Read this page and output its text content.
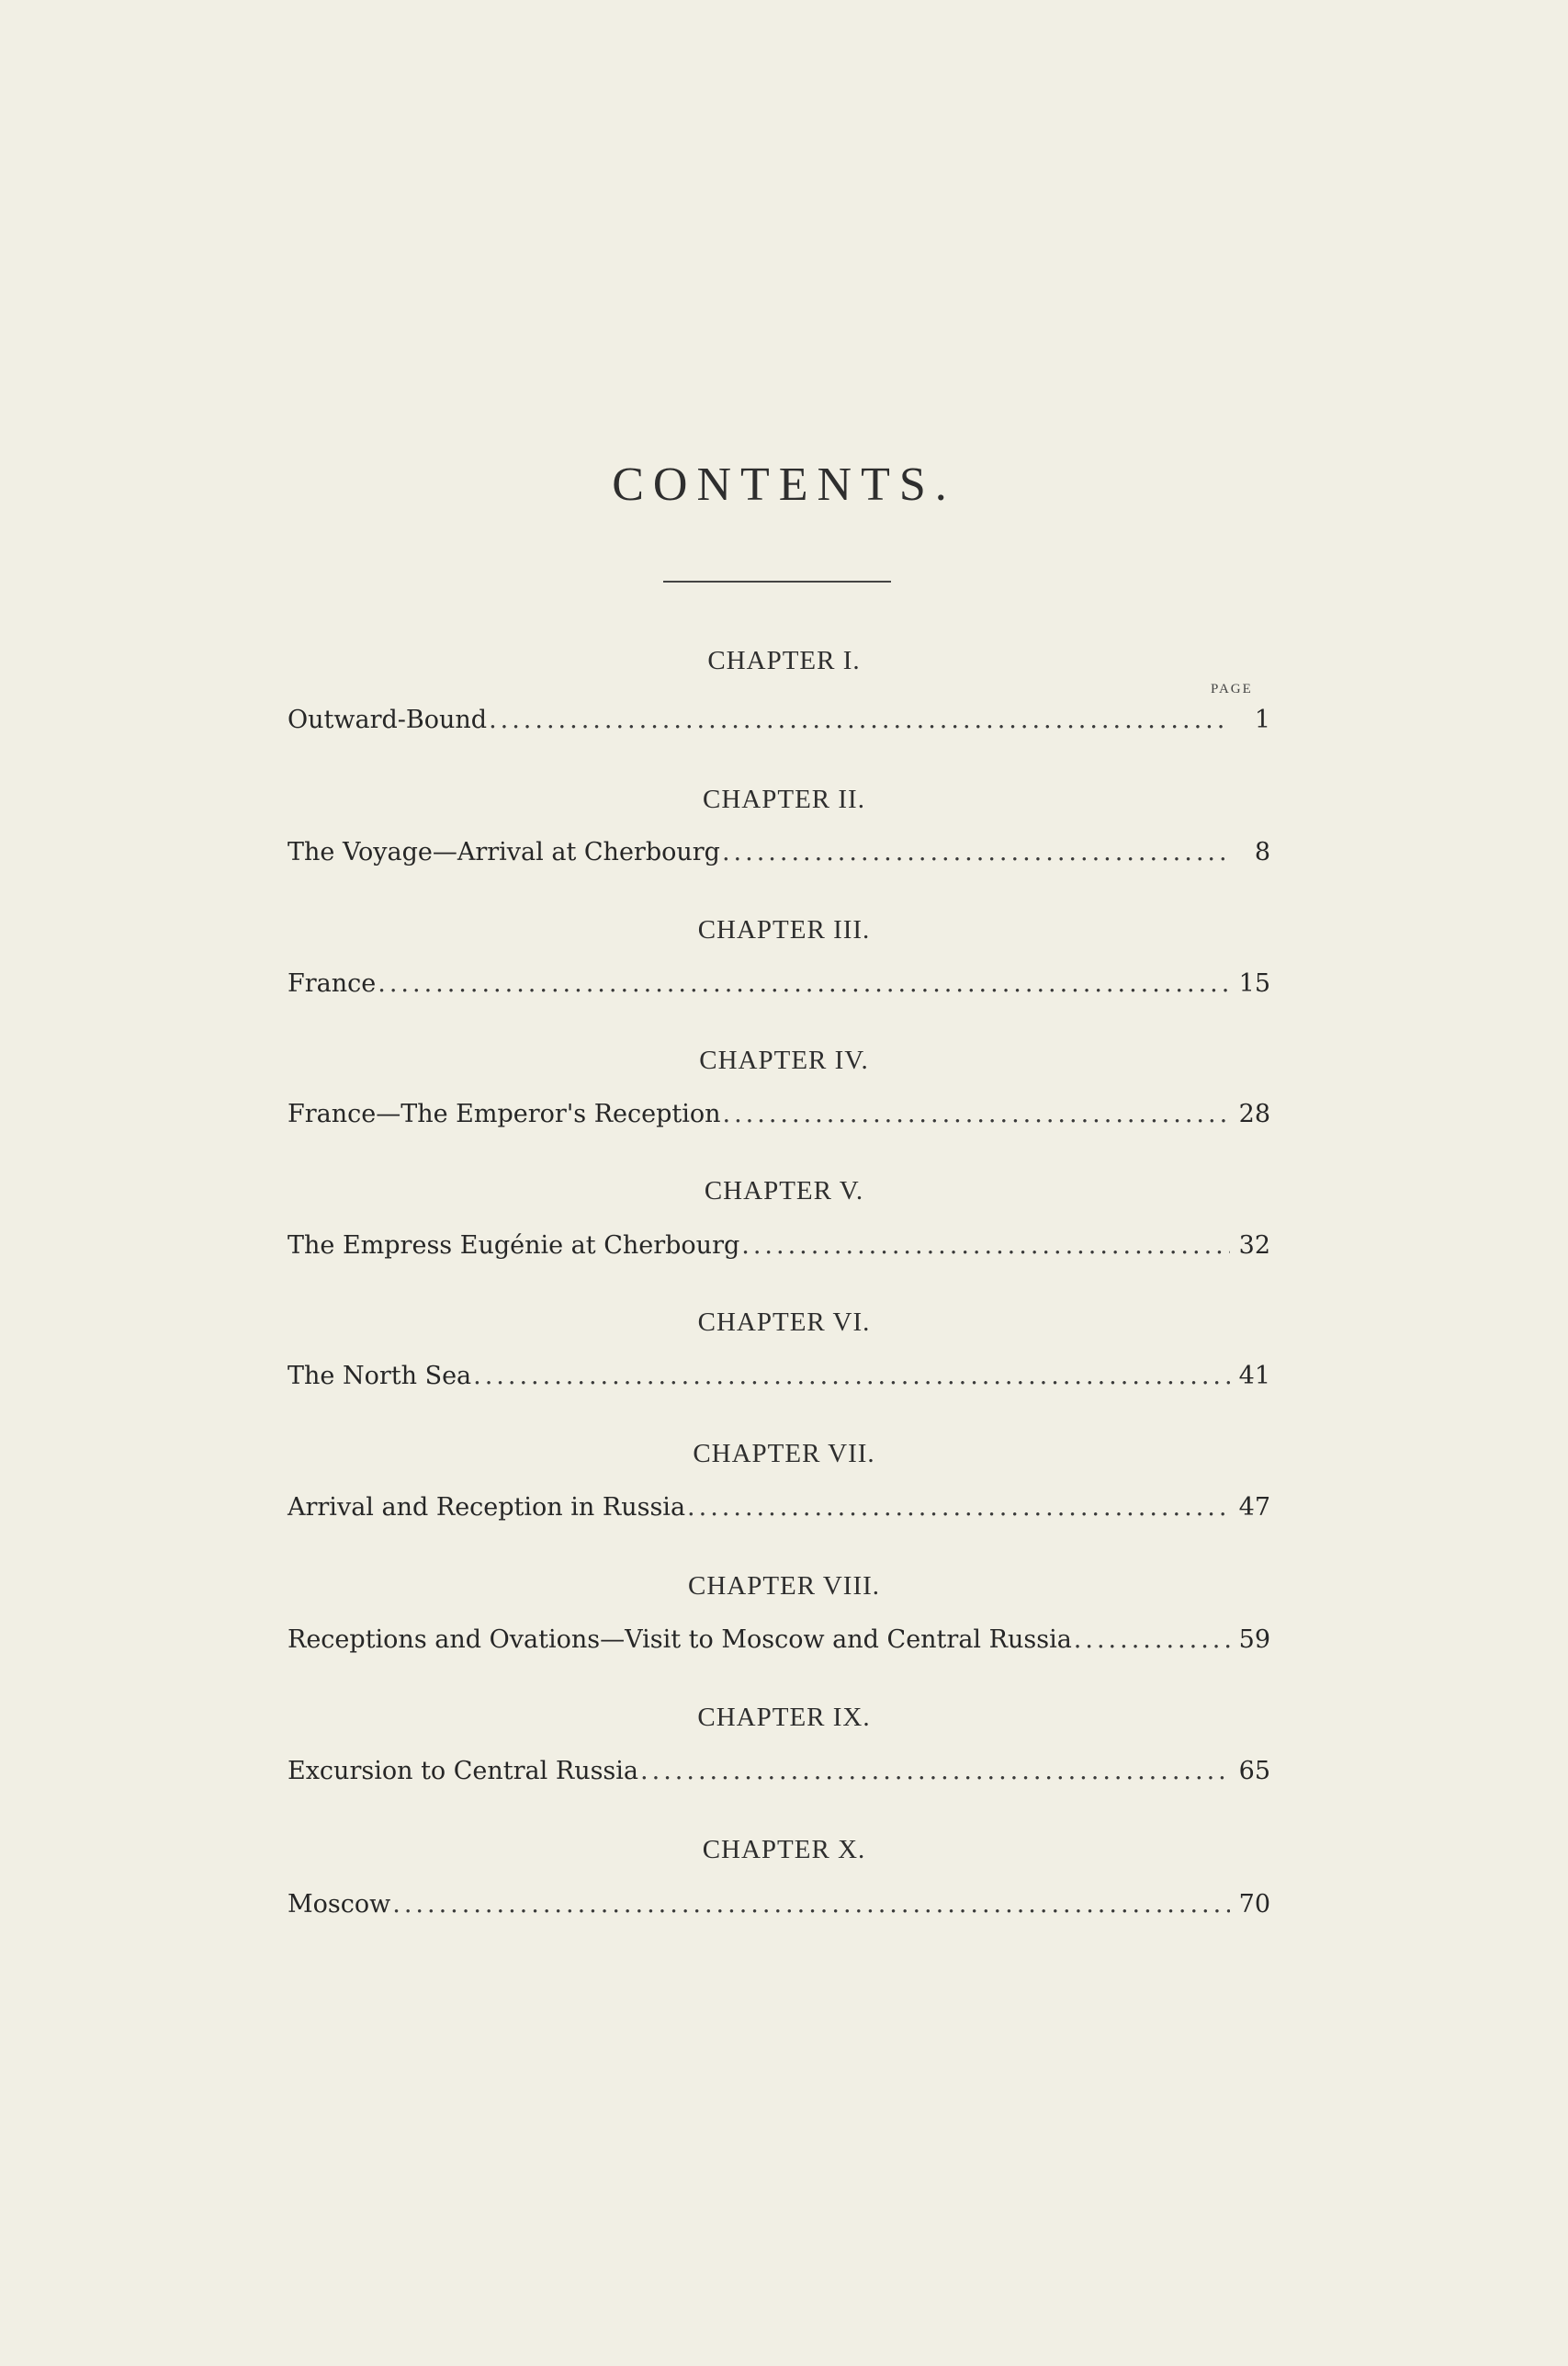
CONTENTS.
PAGE
CHAPTER I.
Outward-Bound .....	1
CHAPTER II.
The Voyage—Arrival at Cherbourg .....	8
CHAPTER III.
France .....	15
CHAPTER IV.
France—The Emperor's Reception .....	28
CHAPTER V.
The Empress Eugénie at Cherbourg .....	32
CHAPTER VI.
The North Sea .....	41
CHAPTER VII.
Arrival and Reception in Russia .....	47
CHAPTER VIII.
Receptions and Ovations—Visit to Moscow and Central Russia .....	59
CHAPTER IX.
Excursion to Central Russia .....	65
CHAPTER X.
Moscow .....	70
